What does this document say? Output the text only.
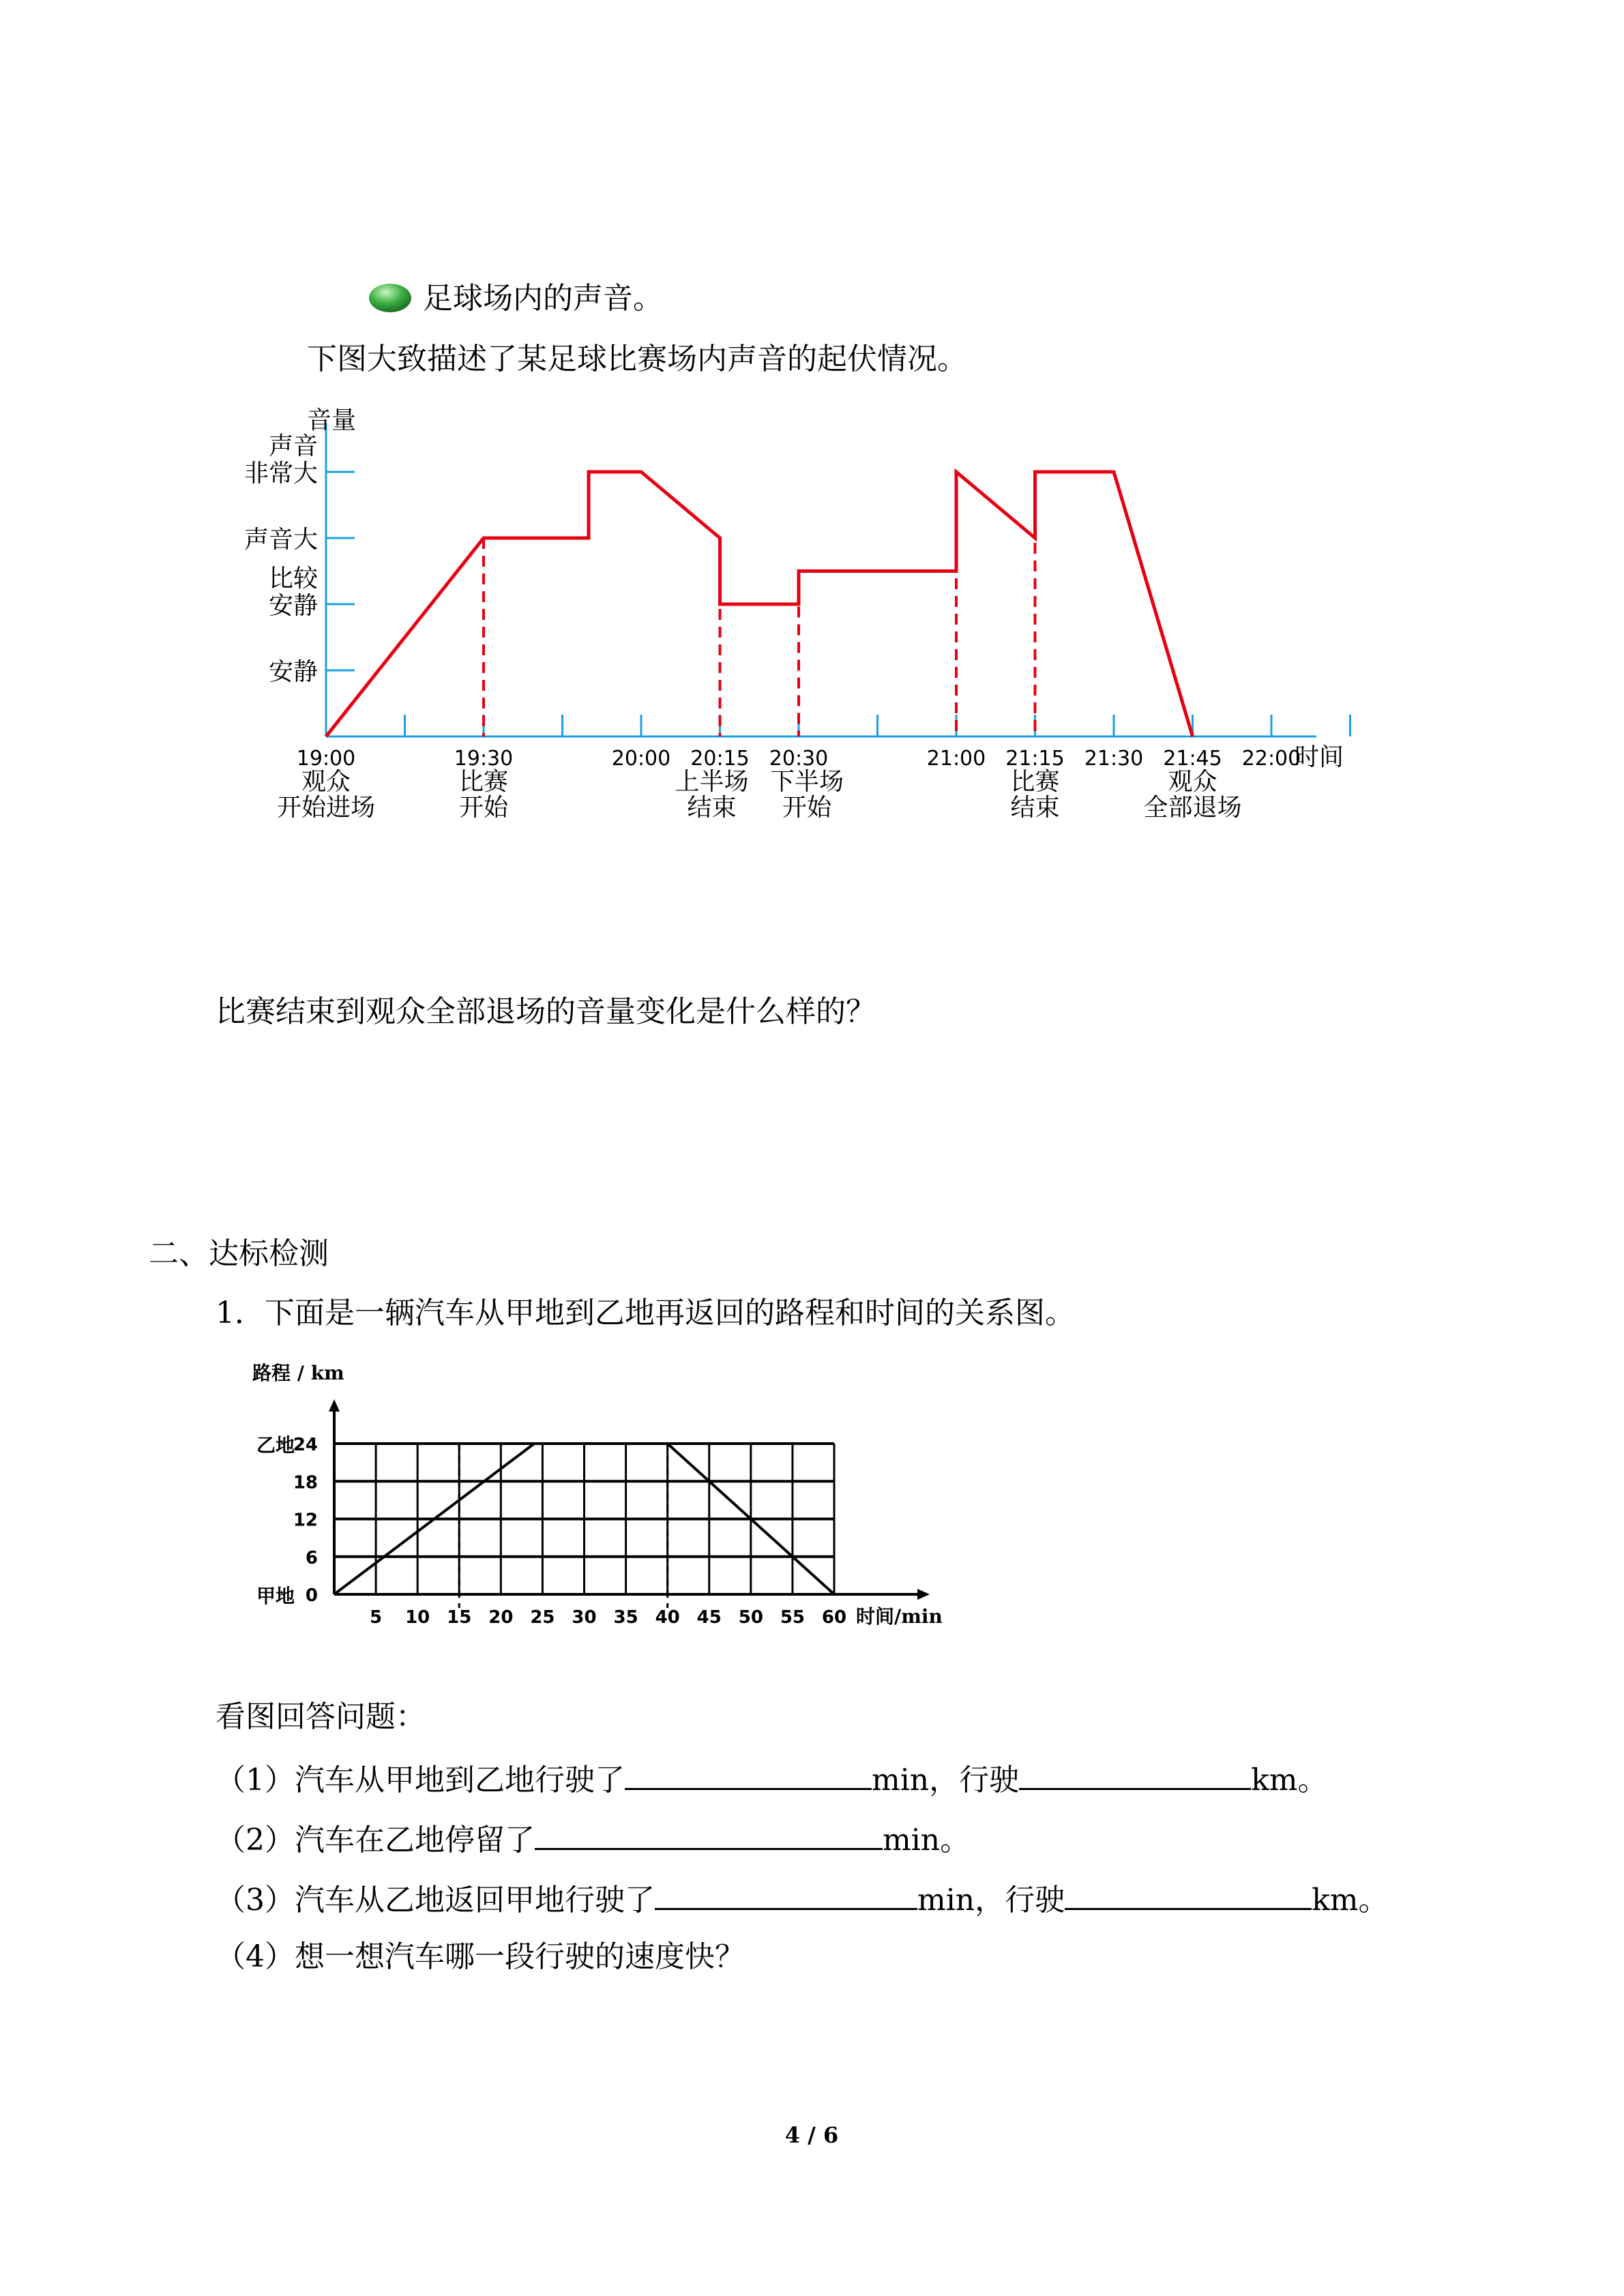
足球场内的声音。
下图大致描述了某足球比赛场内声音的起伏情况。
安静
比较
安静
声音大
声音
非常大
音量
19:00	19:30	20:00 20:15 20:30	21:00 21:15 21:30 21:45 22:00
时间
观众
开始进场
比赛
开始
上半场
结束
下半场
开始
比赛
结束
观众
全部退场
比赛结束到观众全部退场的音量变化是什么样的？
二、达标检测
1．下面是一辆汽车从甲地到乙地再返回的路程和时间的关系图。
0
甲地
6
12
18
24
乙地
路程 / km
5 10 15 20 25 30 35 40 45 50 55 60 时间/min
看图回答问题：
（1）汽车从甲地到乙地行驶了	min，行驶	km。
（2）汽车在乙地停留了	min。
（3）汽车从乙地返回甲地行驶了	min，行驶	km。
（4）想一想汽车哪一段行驶的速度快？
4 / 6
